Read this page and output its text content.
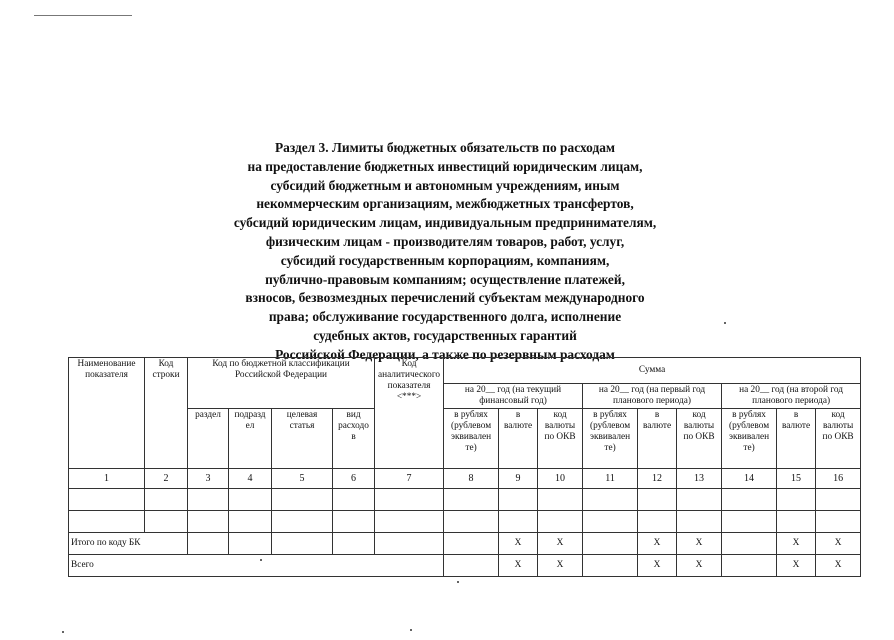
Раздел 3. Лимиты бюджетных обязательств по расходам
на предоставление бюджетных инвестиций юридическим лицам,
субсидий бюджетным и автономным учреждениям, иным
некоммерческим организациям, межбюджетных трансфертов,
субсидий юридическим лицам, индивидуальным предпринимателям,
физическим лицам - производителям товаров, работ, услуг,
субсидий государственным корпорациям, компаниям,
публично-правовым компаниям; осуществление платежей,
взносов, безвозмездных перечислений субъектам международного
права; обслуживание государственного долга, исполнение
судебных актов, государственных гарантий
Российской Федерации, а также по резервным расходам
Наименование показателя	Код строки	Код по бюджетной классификации Российской Федерации				Код аналитического показателя <***>	Сумма								
							на 20__ год (на текущий финансовый год)			на 20__ год (на первый год планового периода)			на 20__ год (на второй год планового периода)		
		раздел	подразд ел	целевая статья	вид расходо в		в рублях (рублевом эквивален те)	в валюте	код валюты по ОКВ	в рублях (рублевом эквивален те)	в валюте	код валюты по ОКВ	в рублях (рублевом эквивален те)	в валюте	код валюты по ОКВ
1	2	3	4	5	6	7	8	9	10	11	12	13	14	15	16

Итого по коду БК								X	X		X	X		X	X
Всего								X	X		X	X		X	X
